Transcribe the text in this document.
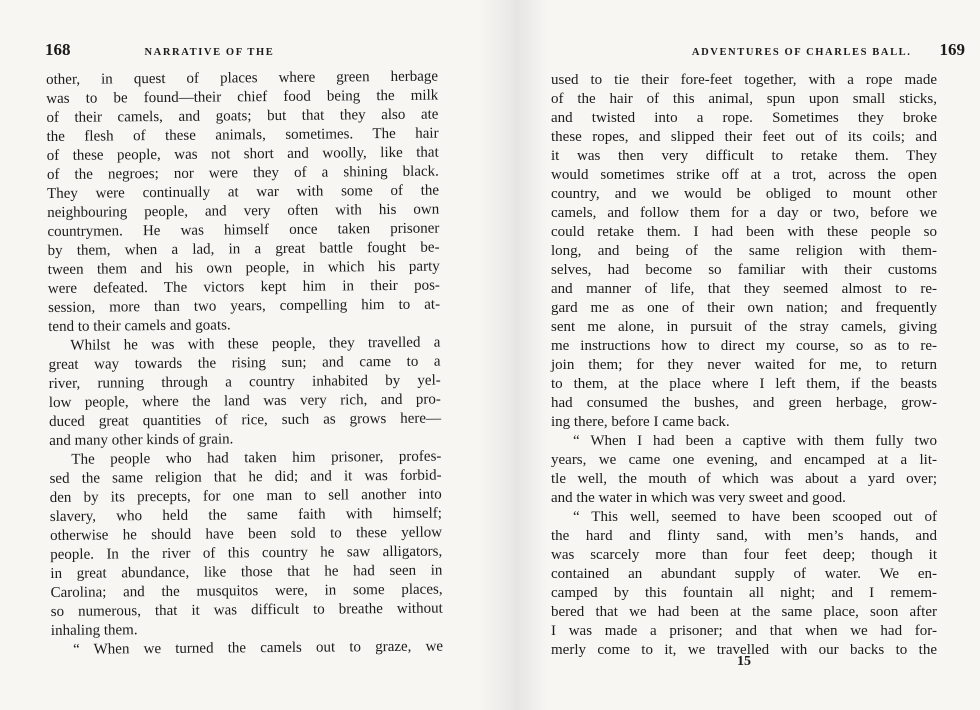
168	NARRATIVE OF THE
other, in quest of places where green herbage
was to be found—their chief food being the milk
of their camels, and goats; but that they also ate
the flesh of these animals, sometimes. The hair
of these people, was not short and woolly, like that
of the negroes; nor were they of a shining black.
They were continually at war with some of the
neighbouring people, and very often with his own
countrymen. He was himself once taken prisoner
by them, when a lad, in a great battle fought be-
tween them and his own people, in which his party
were defeated. The victors kept him in their pos-
session, more than two years, compelling him to at-
tend to their camels and goats.
Whilst he was with these people, they travelled a
great way towards the rising sun; and came to a
river, running through a country inhabited by yel-
low people, where the land was very rich, and pro-
duced great quantities of rice, such as grows here—
and many other kinds of grain.
The people who had taken him prisoner, profes-
sed the same religion that he did; and it was forbid-
den by its precepts, for one man to sell another into
slavery, who held the same faith with himself;
otherwise he should have been sold to these yellow
people. In the river of this country he saw alligators,
in great abundance, like those that he had seen in
Carolina; and the musquitos were, in some places,
so numerous, that it was difficult to breathe without
inhaling them.
“ When we turned the camels out to graze, we
ADVENTURES OF CHARLES BALL. 169
used to tie their fore-feet together, with a rope made
of the hair of this animal, spun upon small sticks,
and twisted into a rope. Sometimes they broke
these ropes, and slipped their feet out of its coils; and
it was then very difficult to retake them. They
would sometimes strike off at a trot, across the open
country, and we would be obliged to mount other
camels, and follow them for a day or two, before we
could retake them. I had been with these people so
long, and being of the same religion with them-
selves, had become so familiar with their customs
and manner of life, that they seemed almost to re-
gard me as one of their own nation; and frequently
sent me alone, in pursuit of the stray camels, giving
me instructions how to direct my course, so as to re-
join them; for they never waited for me, to return
to them, at the place where I left them, if the beasts
had consumed the bushes, and green herbage, grow-
ing there, before I came back.
“ When I had been a captive with them fully two
years, we came one evening, and encamped at a lit-
tle well, the mouth of which was about a yard over;
and the water in which was very sweet and good.
“ This well, seemed to have been scooped out of
the hard and flinty sand, with men’s hands, and
was scarcely more than four feet deep; though it
contained an abundant supply of water. We en-
camped by this fountain all night; and I remem-
bered that we had been at the same place, soon after
I was made a prisoner; and that when we had for-
merly come to it, we travelled with our backs to the
15
